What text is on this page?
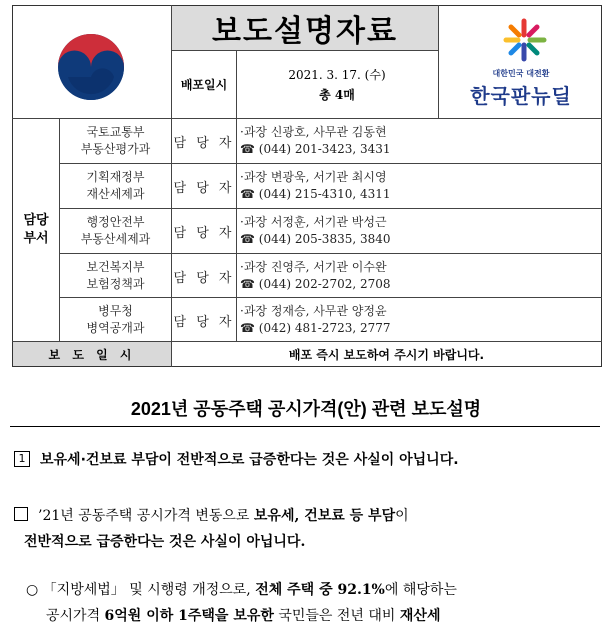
보도설명자료
배포일시
2021. 3. 17. (수)
총 4매
대한민국 대전환
한국판뉴딜
담당
부서
국토교통부
부동산평가과 담 당 자
·과장 신광호, 사무관 김동현
☎ (044) 201-3423, 3431
기획재정부
재산세제과 담 당 자
·과장 변광욱, 서기관 최시영
☎ (044) 215-4310, 4311
행정안전부
부동산세제과 담 당 자
·과장 서정훈, 서기관 박성근
☎ (044) 205-3835, 3840
보건복지부
보험정책과 담 당 자
·과장 진영주, 서기관 이수완
☎ (044) 202-2702, 2708
병무청
병역공개과 담 당 자
·과장 정재승, 사무관 양정윤
☎ (042) 481-2723, 2777
보 도 일 시	배포 즉시 보도하여 주시기 바랍니다.
2021년 공동주택 공시가격(안) 관련 보도설명
1	보유세·건보료 부담이 전반적으로 급증한다는 것은 사실이 아닙니다.
’21년 공동주택 공시가격 변동으로 보유세, 건보료 등 부담이
전반적으로 급증한다는 것은 사실이 아닙니다.
○ 「지방세법」 및 시행령 개정으로, 전체 주택 중 92.1%에 해당하는
공시가격 6억원 이하 1주택을 보유한 국민들은 전년 대비 재산세
